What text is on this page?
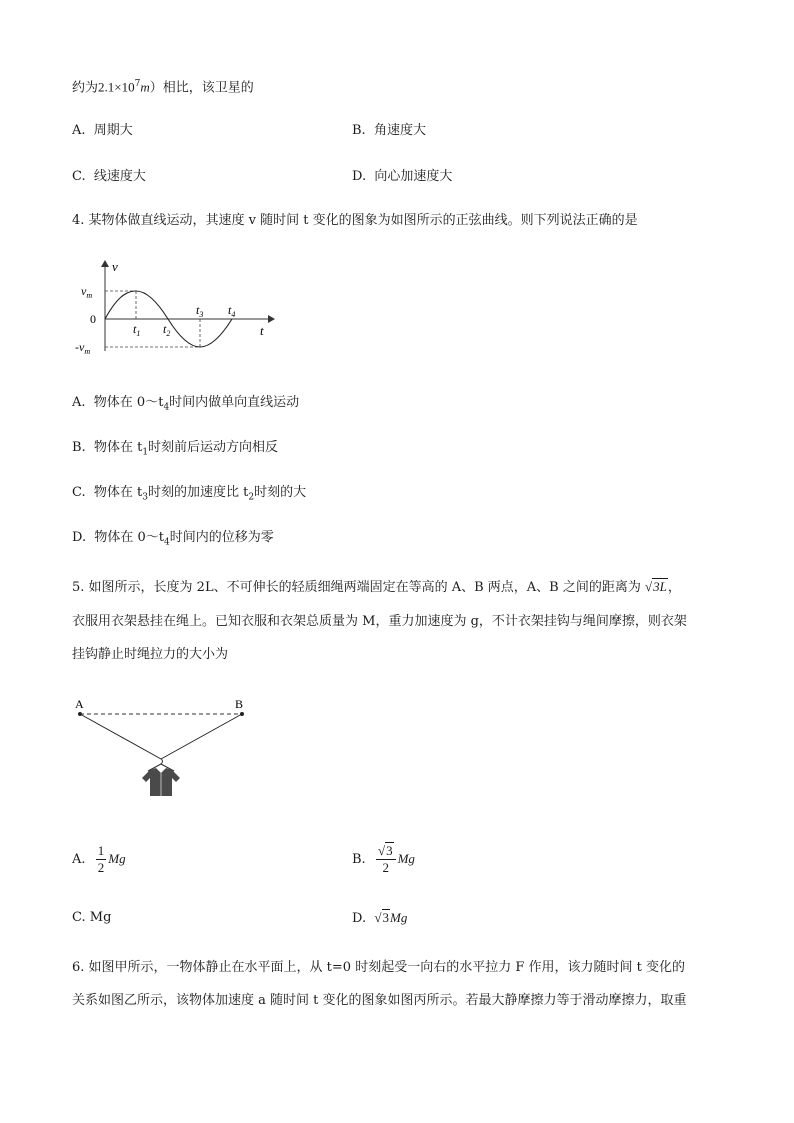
约为$2.1\times 10^7m$）相比，该卫星的
A. 周期大	B. 角速度大
C. 线速度大	D. 向心加速度大
4. 某物体做直线运动，其速度 v 随时间 t 变化的图象为如图所示的正弦曲线。则下列说法正确的是
v
t
$v_m$
0
$-v_m$
$t_1$ $t_2$
$t_3$ $t_4$
A. 物体在 $0\sim t_4$时间内做单向直线运动
B. 物体在 $t_1$时刻前后运动方向相反
C. 物体在 $t_3$时刻的加速度比 $t_2$时刻的大
D. 物体在 $0\sim t_4$时间内的位移为零
5. 如图所示，长度为 2L、不可伸长的轻质细绳两端固定在等高的 A、B 两点，A、B 之间的距离为 √3L，
衣服用衣架悬挂在绳上。已知衣服和衣架总质量为 M，重力加速度为 g，不计衣架挂钩与绳间摩擦，则衣架
挂钩静止时绳拉力的大小为
A	B
A. $\frac{1}{2}$ Mg	B. $\frac{√3}{2}$ Mg
C. Mg	D. √3Mg
6. 如图甲所示，一物体静止在水平面上，从 t=0 时刻起受一向右的水平拉力 F 作用，该力随时间 t 变化的
关系如图乙所示，该物体加速度 a 随时间 t 变化的图象如图丙所示。若最大静摩擦力等于滑动摩擦力，取重
